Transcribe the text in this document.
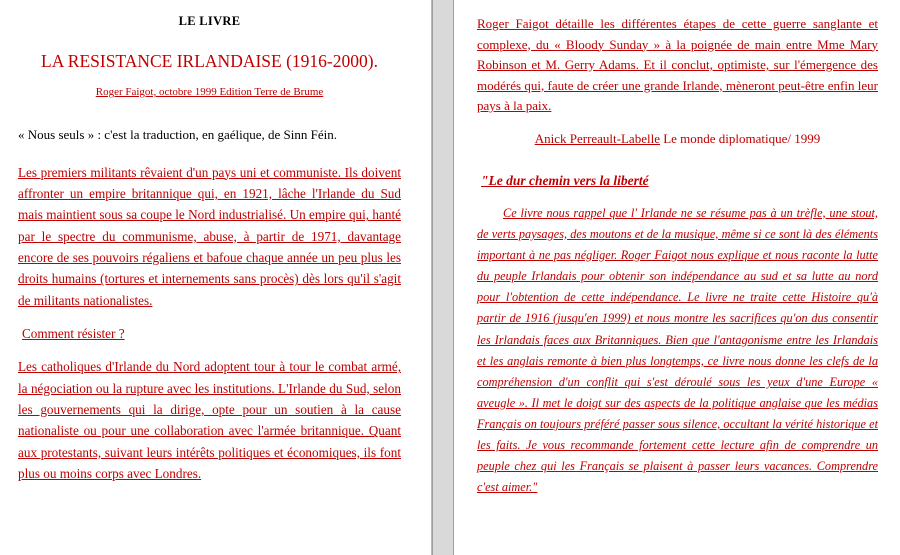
LE LIVRE
LA RESISTANCE IRLANDAISE (1916-2000).
Roger Faigot, octobre 1999 Edition Terre de Brume
« Nous seuls » : c'est la traduction, en gaélique, de Sinn Féin.
Les premiers militants rêvaient d'un pays uni et communiste. Ils doivent affronter un empire britannique qui, en 1921, lâche l'Irlande du Sud mais maintient sous sa coupe le Nord industrialisé. Un empire qui, hanté par le spectre du communisme, abuse, à partir de 1971, davantage encore de ses pouvoirs régaliens et bafoue chaque année un peu plus les droits humains (tortures et internements sans procès) dès lors qu'il s'agit de militants nationalistes.
Comment résister ?
Les catholiques d'Irlande du Nord adoptent tour à tour le combat armé, la négociation ou la rupture avec les institutions. L'Irlande du Sud, selon les gouvernements qui la dirige, opte pour un soutien à la cause nationaliste ou pour une collaboration avec l'armée britannique. Quant aux protestants, suivant leurs intérêts politiques et économiques, ils font plus ou moins corps avec Londres.
Roger Faigot détaille les différentes étapes de cette guerre sanglante et complexe, du « Bloody Sunday » à la poignée de main entre Mme Mary Robinson et M. Gerry Adams. Et il conclut, optimiste, sur l'émergence des modérés qui, faute de créer une grande Irlande, mèneront peut-être enfin leur pays à la paix.
Anick Perreault-Labelle Le monde diplomatique/ 1999
"Le dur chemin vers la liberté
Ce livre nous rappel que l' Irlande ne se résume pas à un trèfle, une stout, de verts paysages, des moutons et de la musique, même si ce sont là des éléments important à ne pas négliger. Roger Faigot nous explique et nous raconte la lutte du peuple Irlandais pour obtenir son indépendance au sud et sa lutte au nord pour l'obtention de cette indépendance. Le livre ne traite cette Histoire qu'à partir de 1916 (jusqu'en 1999) et nous montre les sacrifices qu'on dus consentir les Irlandais faces aux Britanniques. Bien que l'antagonisme entre les Irlandais et les anglais remonte à bien plus longtemps, ce livre nous donne les clefs de la compréhension d'un conflit qui s'est déroulé sous les yeux d'une Europe « aveugle ». Il met le doigt sur des aspects de la politique anglaise que les médias Français on toujours préféré passer sous silence, occultant la vérité historique et les faits. Je vous recommande fortement cette lecture afin de comprendre un peuple chez qui les Français se plaisent à passer leurs vacances. Comprendre c'est aimer."
